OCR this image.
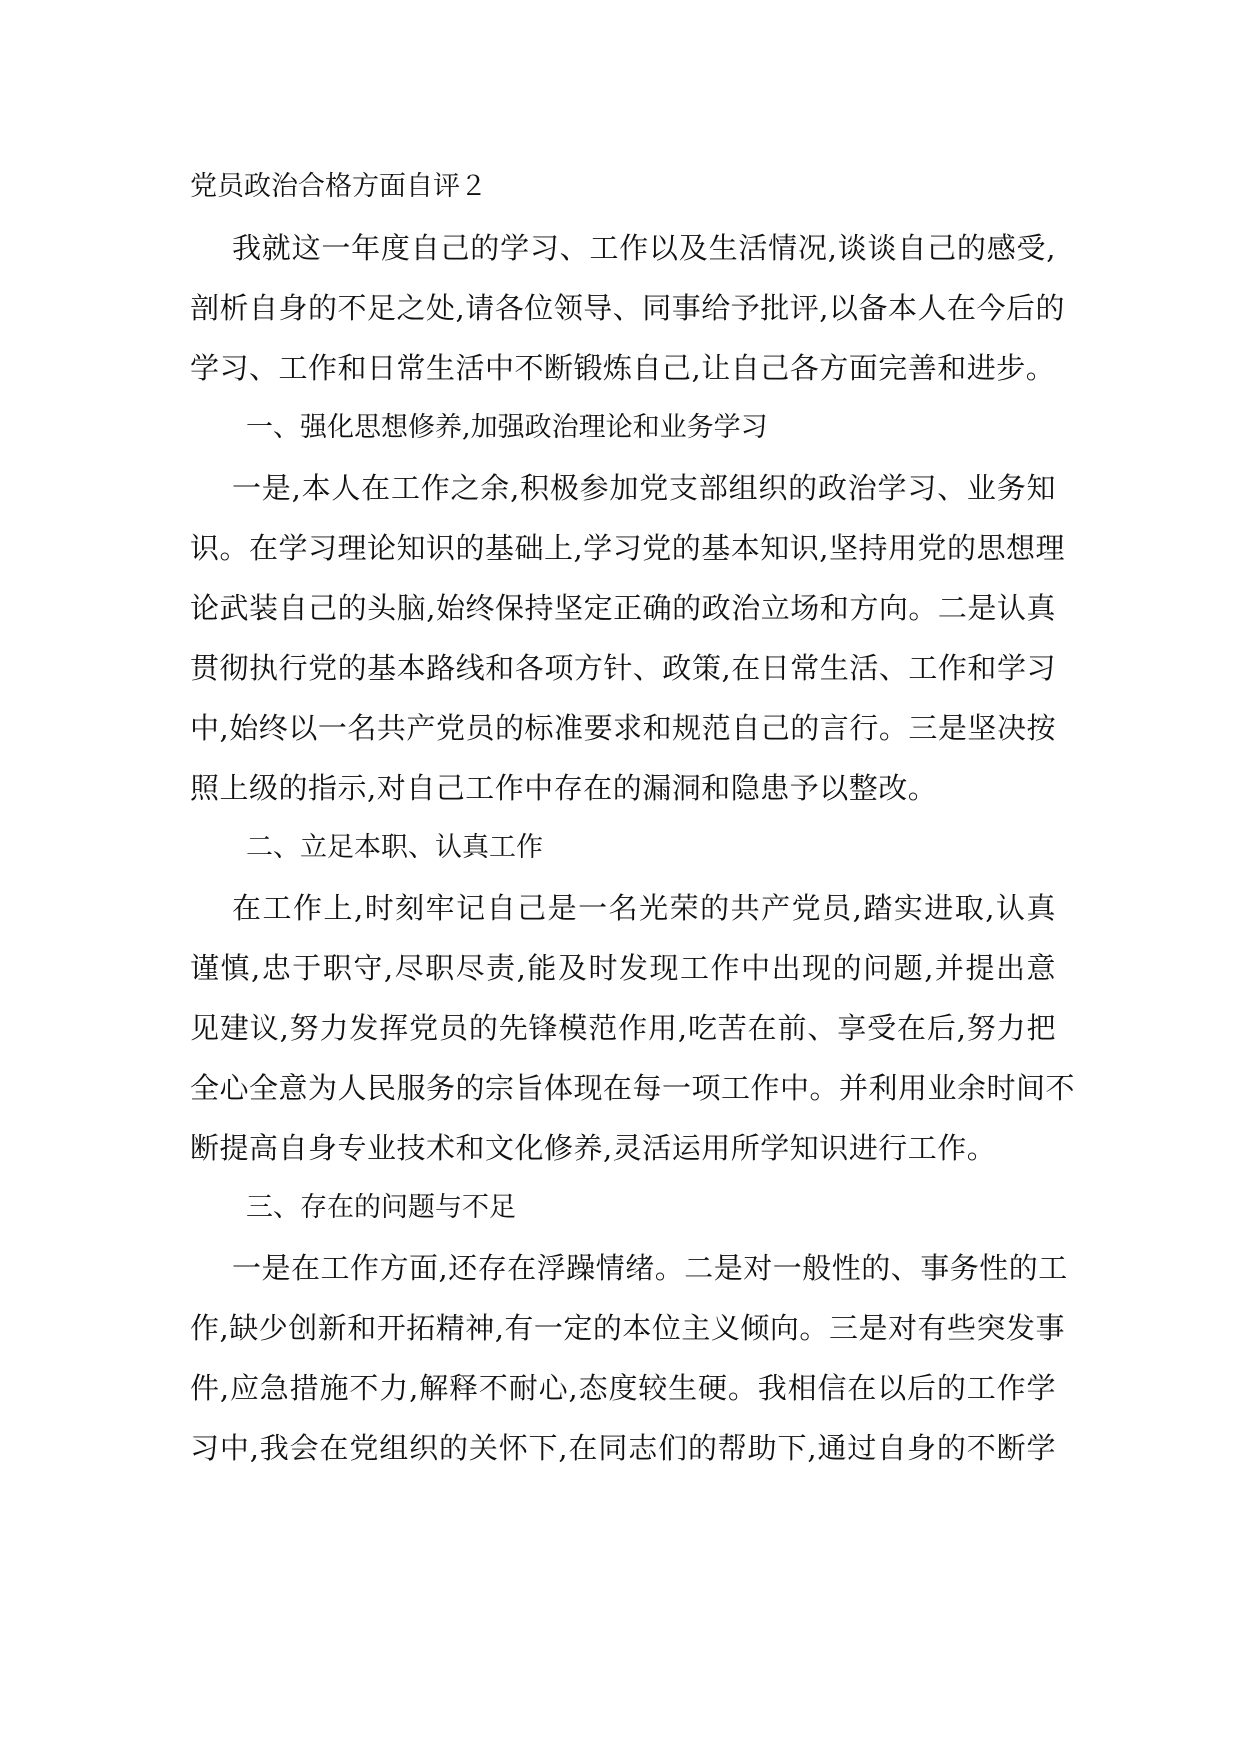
党员政治合格方面自评２
我就这一年度自己的学习、工作以及生活情况,谈谈自己的感受,
剖析自身的不足之处,请各位领导、同事给予批评,以备本人在今后的
学习、工作和日常生活中不断锻炼自己,让自己各方面完善和进步。
一、强化思想修养,加强政治理论和业务学习
一是,本人在工作之余,积极参加党支部组织的政治学习、业务知
识。在学习理论知识的基础上,学习党的基本知识,坚持用党的思想理
论武装自己的头脑,始终保持坚定正确的政治立场和方向。二是认真
贯彻执行党的基本路线和各项方针、政策,在日常生活、工作和学习
中,始终以一名共产党员的标准要求和规范自己的言行。三是坚决按
照上级的指示,对自己工作中存在的漏洞和隐患予以整改。
二、立足本职、认真工作
在工作上,时刻牢记自己是一名光荣的共产党员,踏实进取,认真
谨慎,忠于职守,尽职尽责,能及时发现工作中出现的问题,并提出意
见建议,努力发挥党员的先锋模范作用,吃苦在前、享受在后,努力把
全心全意为人民服务的宗旨体现在每一项工作中。并利用业余时间不
断提高自身专业技术和文化修养,灵活运用所学知识进行工作。
三、存在的问题与不足
一是在工作方面,还存在浮躁情绪。二是对一般性的、事务性的工
作,缺少创新和开拓精神,有一定的本位主义倾向。三是对有些突发事
件,应急措施不力,解释不耐心,态度较生硬。我相信在以后的工作学
习中,我会在党组织的关怀下,在同志们的帮助下,通过自身的不断学
